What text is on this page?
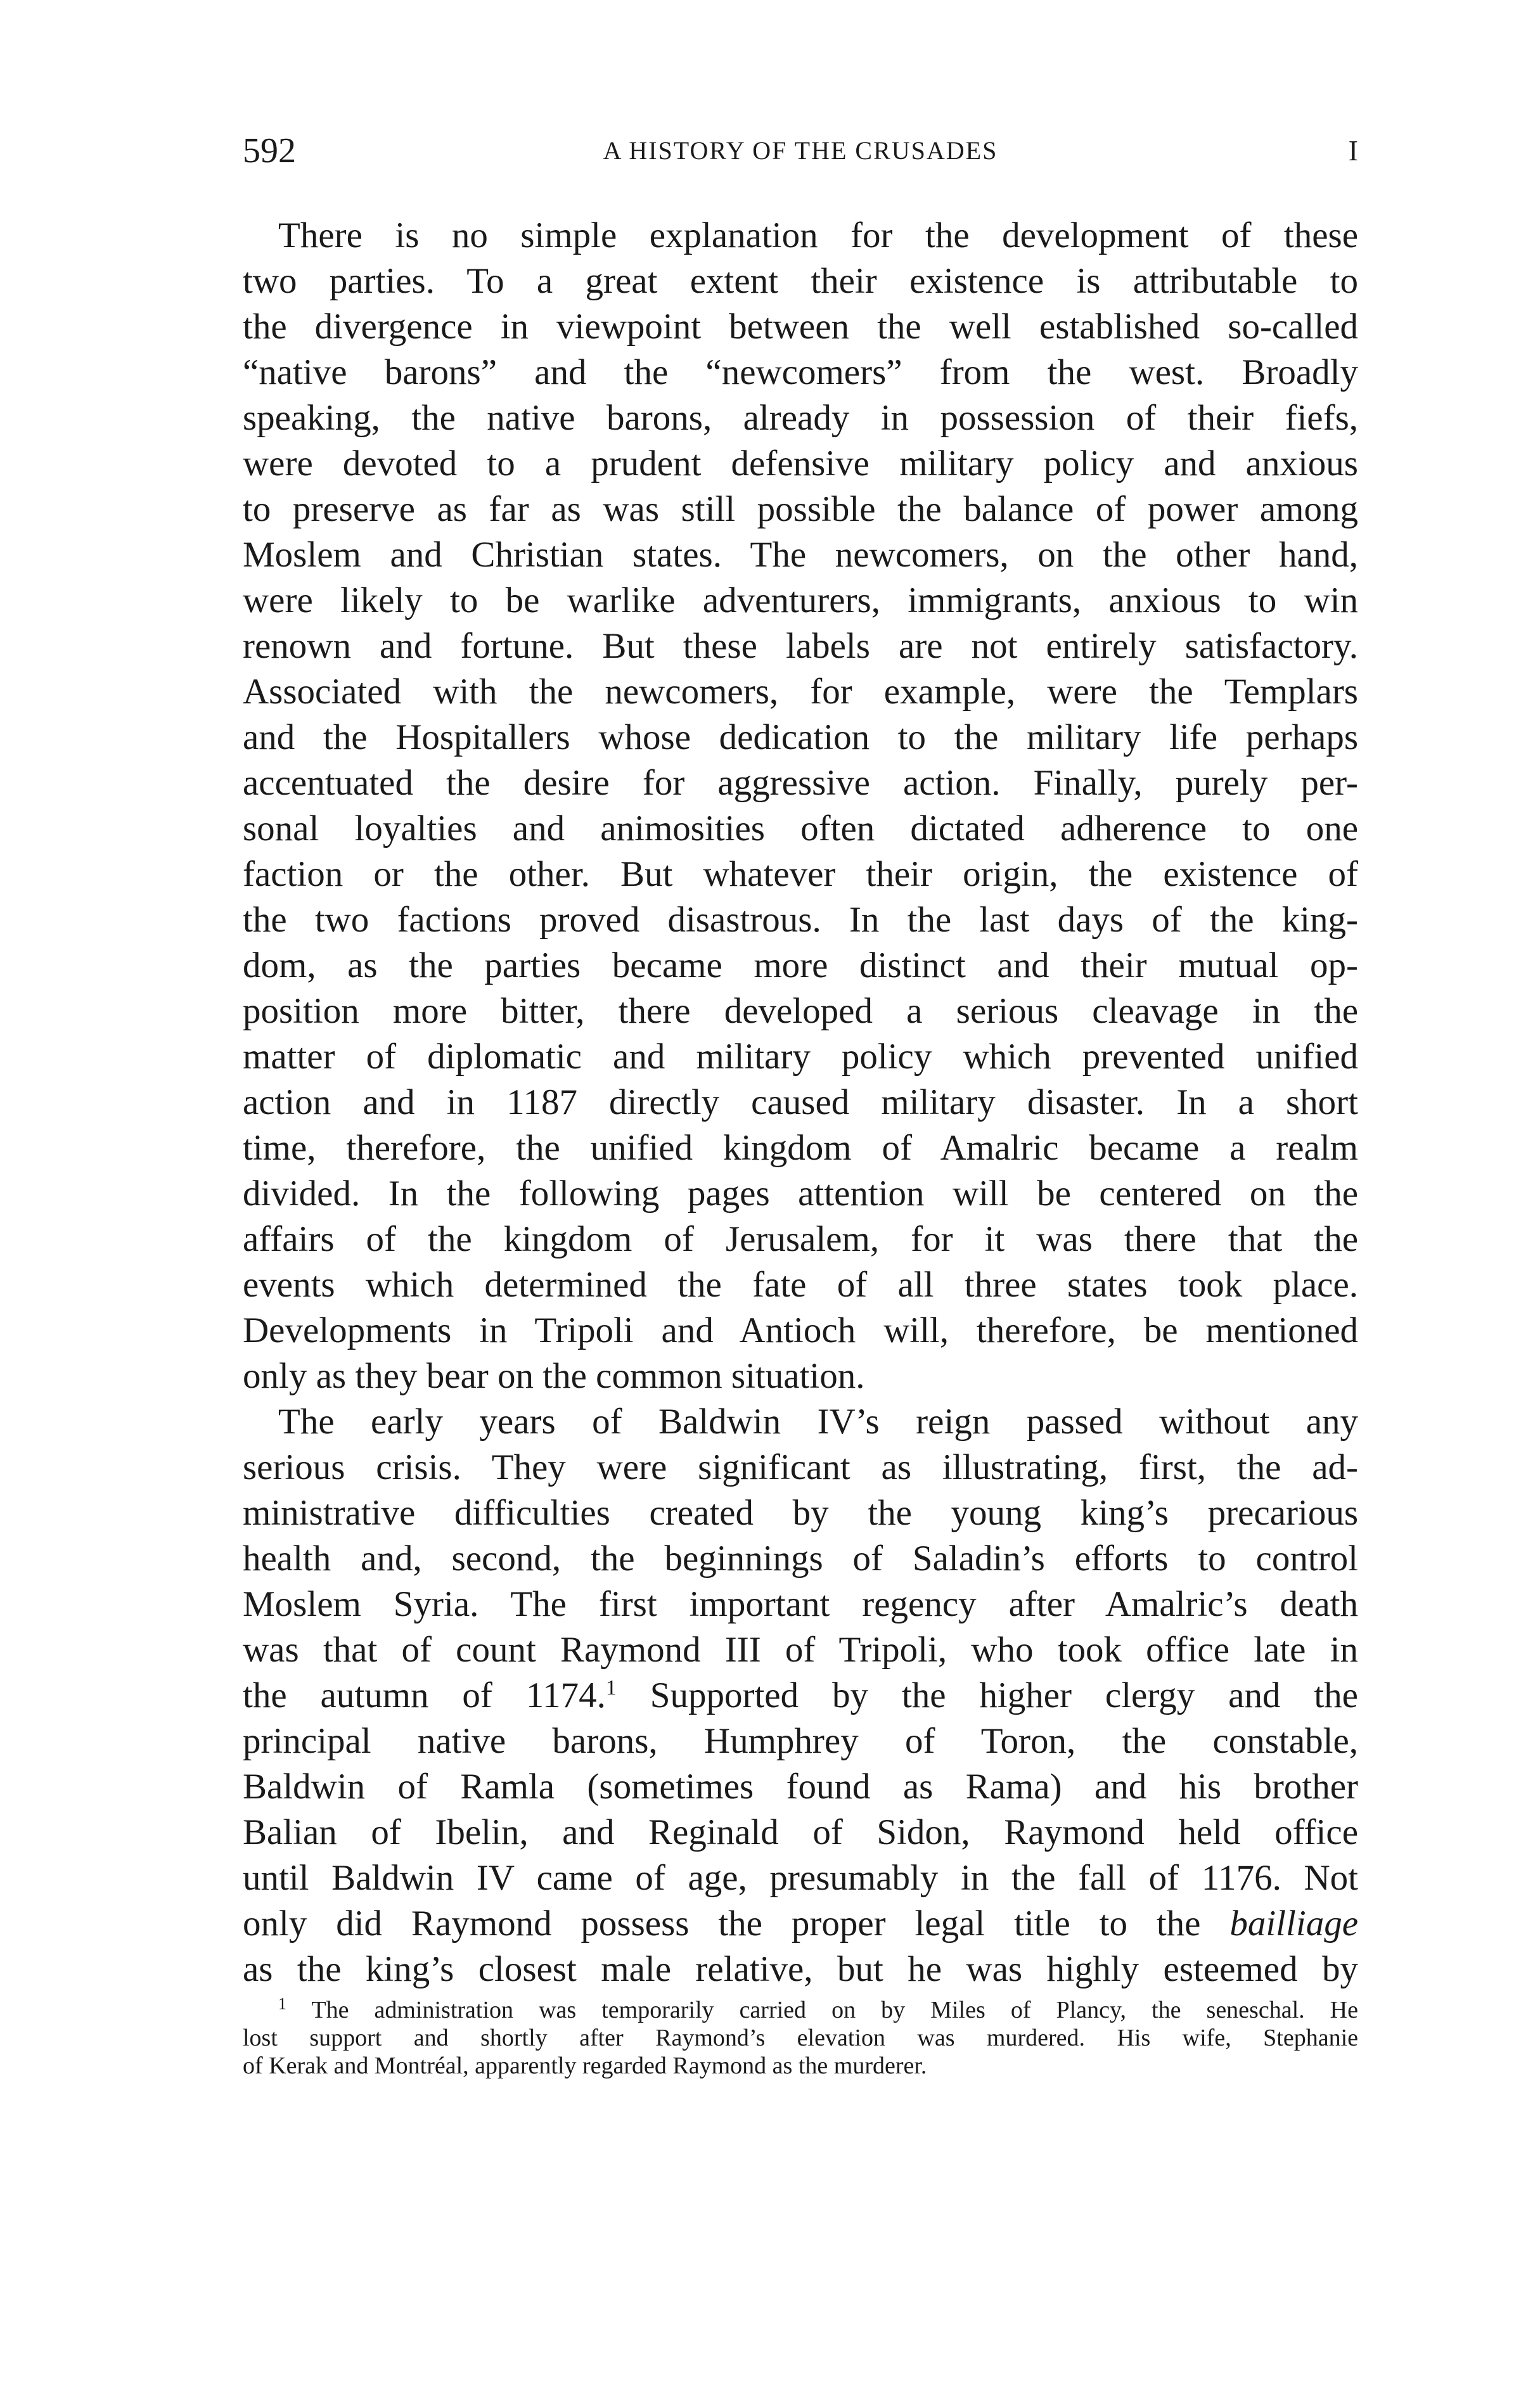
592	A HISTORY OF THE CRUSADES	I
There is no simple explanation for the development of these
two parties. To a great extent their existence is attributable to
the divergence in viewpoint between the well established so-called
“native barons” and the “newcomers” from the west. Broadly
speaking, the native barons, already in possession of their fiefs,
were devoted to a prudent defensive military policy and anxious
to preserve as far as was still possible the balance of power among
Moslem and Christian states. The newcomers, on the other hand,
were likely to be warlike adventurers, immigrants, anxious to win
renown and fortune. But these labels are not entirely satisfactory.
Associated with the newcomers, for example, were the Templars
and the Hospitallers whose dedication to the military life perhaps
accentuated the desire for aggressive action. Finally, purely per-
sonal loyalties and animosities often dictated adherence to one
faction or the other. But whatever their origin, the existence of
the two factions proved disastrous. In the last days of the king-
dom, as the parties became more distinct and their mutual op-
position more bitter, there developed a serious cleavage in the
matter of diplomatic and military policy which prevented unified
action and in 1187 directly caused military disaster. In a short
time, therefore, the unified kingdom of Amalric became a realm
divided. In the following pages attention will be centered on the
affairs of the kingdom of Jerusalem, for it was there that the
events which determined the fate of all three states took place.
Developments in Tripoli and Antioch will, therefore, be mentioned
only as they bear on the common situation.
The early years of Baldwin IV’s reign passed without any
serious crisis. They were significant as illustrating, first, the ad-
ministrative difficulties created by the young king’s precarious
health and, second, the beginnings of Saladin’s efforts to control
Moslem Syria. The first important regency after Amalric’s death
was that of count Raymond III of Tripoli, who took office late in
the autumn of 1174.$^1$ Supported by the higher clergy and the
principal native barons, Humphrey of Toron, the constable,
Baldwin of Ramla (sometimes found as Rama) and his brother
Balian of Ibelin, and Reginald of Sidon, Raymond held office
until Baldwin IV came of age, presumably in the fall of 1176. Not
only did Raymond possess the proper legal title to the bailliage
as the king’s closest male relative, but he was highly esteemed by
$^1$ The administration was temporarily carried on by Miles of Plancy, the seneschal. He
lost support and shortly after Raymond’s elevation was murdered. His wife, Stephanie
of Kerak and Montréal, apparently regarded Raymond as the murderer.
